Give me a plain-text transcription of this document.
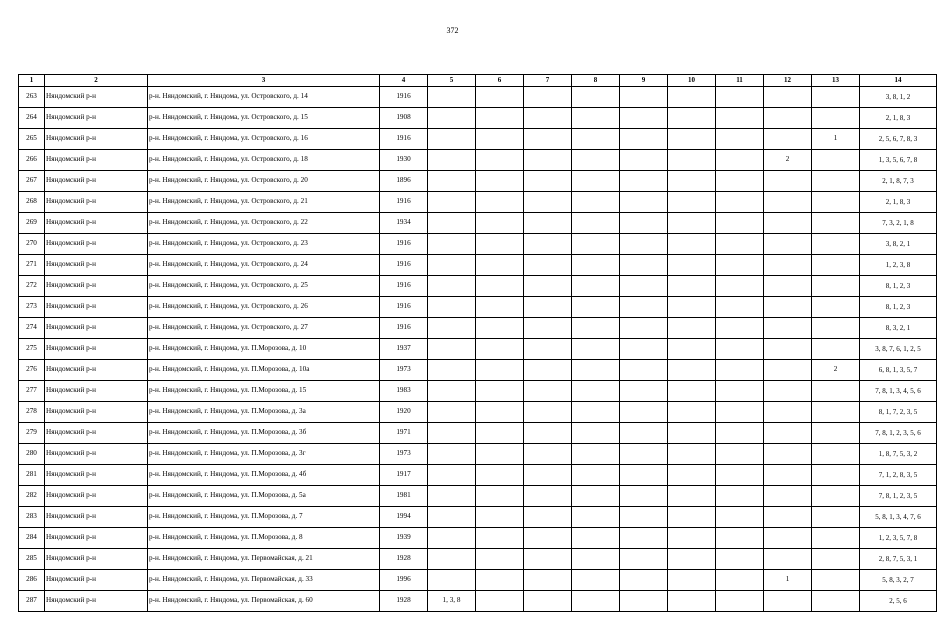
372
1	2	3	4	5	6	7	8	9	10	11	12	13	14
263	Няндомский р-н	р-н. Няндомский, г. Няндома, ул. Островского, д. 14	1916										3, 8, 1, 2
264	Няндомский р-н	р-н. Няндомский, г. Няндома, ул. Островского, д. 15	1908										2, 1, 8, 3
265	Няндомский р-н	р-н. Няндомский, г. Няндома, ул. Островского, д. 16	1916									1	2, 5, 6, 7, 8, 3
266	Няндомский р-н	р-н. Няндомский, г. Няндома, ул. Островского, д. 18	1930								2		1, 3, 5, 6, 7, 8
267	Няндомский р-н	р-н. Няндомский, г. Няндома, ул. Островского, д. 20	1896										2, 1, 8, 7, 3
268	Няндомский р-н	р-н. Няндомский, г. Няндома, ул. Островского, д. 21	1916										2, 1, 8, 3
269	Няндомский р-н	р-н. Няндомский, г. Няндома, ул. Островского, д. 22	1934										7, 3, 2, 1, 8
270	Няндомский р-н	р-н. Няндомский, г. Няндома, ул. Островского, д. 23	1916										3, 8, 2, 1
271	Няндомский р-н	р-н. Няндомский, г. Няндома, ул. Островского, д. 24	1916										1, 2, 3, 8
272	Няндомский р-н	р-н. Няндомский, г. Няндома, ул. Островского, д. 25	1916										8, 1, 2, 3
273	Няндомский р-н	р-н. Няндомский, г. Няндома, ул. Островского, д. 26	1916										8, 1, 2, 3
274	Няндомский р-н	р-н. Няндомский, г. Няндома, ул. Островского, д. 27	1916										8, 3, 2, 1
275	Няндомский р-н	р-н. Няндомский, г. Няндома, ул. П.Морозова, д. 10	1937										3, 8, 7, 6, 1, 2, 5
276	Няндомский р-н	р-н. Няндомский, г. Няндома, ул. П.Морозова, д. 10а	1973									2	6, 8, 1, 3, 5, 7
277	Няндомский р-н	р-н. Няндомский, г. Няндома, ул. П.Морозова, д. 15	1983										7, 8, 1, 3, 4, 5, 6
278	Няндомский р-н	р-н. Няндомский, г. Няндома, ул. П.Морозова, д. 3а	1920										8, 1, 7, 2, 3, 5
279	Няндомский р-н	р-н. Няндомский, г. Няндома, ул. П.Морозова, д. 3б	1971										7, 8, 1, 2, 3, 5, 6
280	Няндомский р-н	р-н. Няндомский, г. Няндома, ул. П.Морозова, д. 3г	1973										1, 8, 7, 5, 3, 2
281	Няндомский р-н	р-н. Няндомский, г. Няндома, ул. П.Морозова, д. 4б	1917										7, 1, 2, 8, 3, 5
282	Няндомский р-н	р-н. Няндомский, г. Няндома, ул. П.Морозова, д. 5а	1981										7, 8, 1, 2, 3, 5
283	Няндомский р-н	р-н. Няндомский, г. Няндома, ул. П.Морозова, д. 7	1994										5, 8, 1, 3, 4, 7, 6
284	Няндомский р-н	р-н. Няндомский, г. Няндома, ул. П.Морозова, д. 8	1939										1, 2, 3, 5, 7, 8
285	Няндомский р-н	р-н. Няндомский, г. Няндома, ул. Первомайская, д. 21	1928										2, 8, 7, 5, 3, 1
286	Няндомский р-н	р-н. Няндомский, г. Няндома, ул. Первомайская, д. 33	1996								1		5, 8, 3, 2, 7
287	Няндомский р-н	р-н. Няндомский, г. Няндома, ул. Первомайская, д. 60	1928	1, 3, 8									2, 5, 6
